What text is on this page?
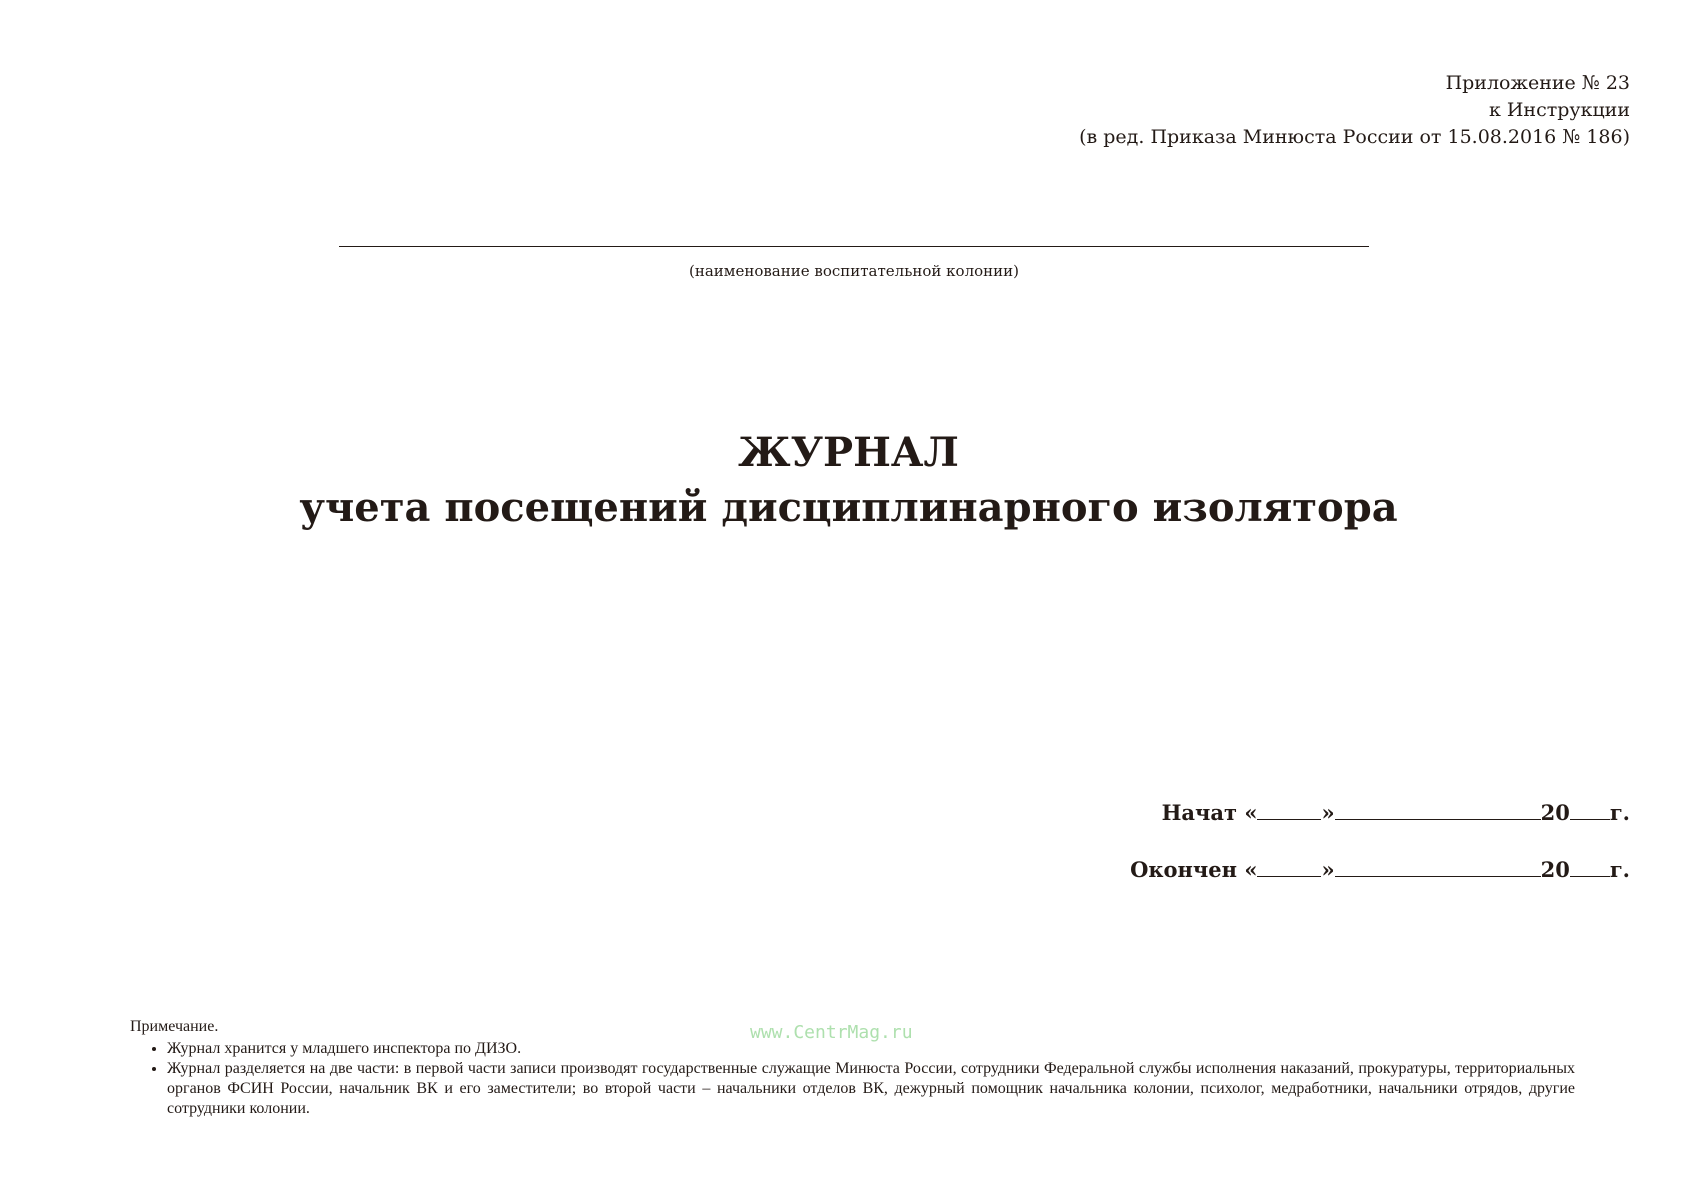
Приложение № 23
к Инструкции
(в ред. Приказа Минюста России от 15.08.2016 № 186)
(наименование воспитательной колонии)
ЖУРНАЛ
учета посещений дисциплинарного изолятора
Начат «	»	20 г.
Окончен «	»	20 г.
www.CentrMag.ru
Примечание.
• Журнал хранится у младшего инспектора по ДИЗО.
• Журнал разделяется на две части: в первой части записи производят государственные служащие Минюста России, сотрудники Федеральной службы исполнения наказаний, прокуратуры, территориальных органов ФСИН России, начальник ВК и его заместители; во второй части – начальники отделов ВК, дежурный помощник начальника колонии, психолог, медработники, начальники отрядов, другие сотрудники колонии.
